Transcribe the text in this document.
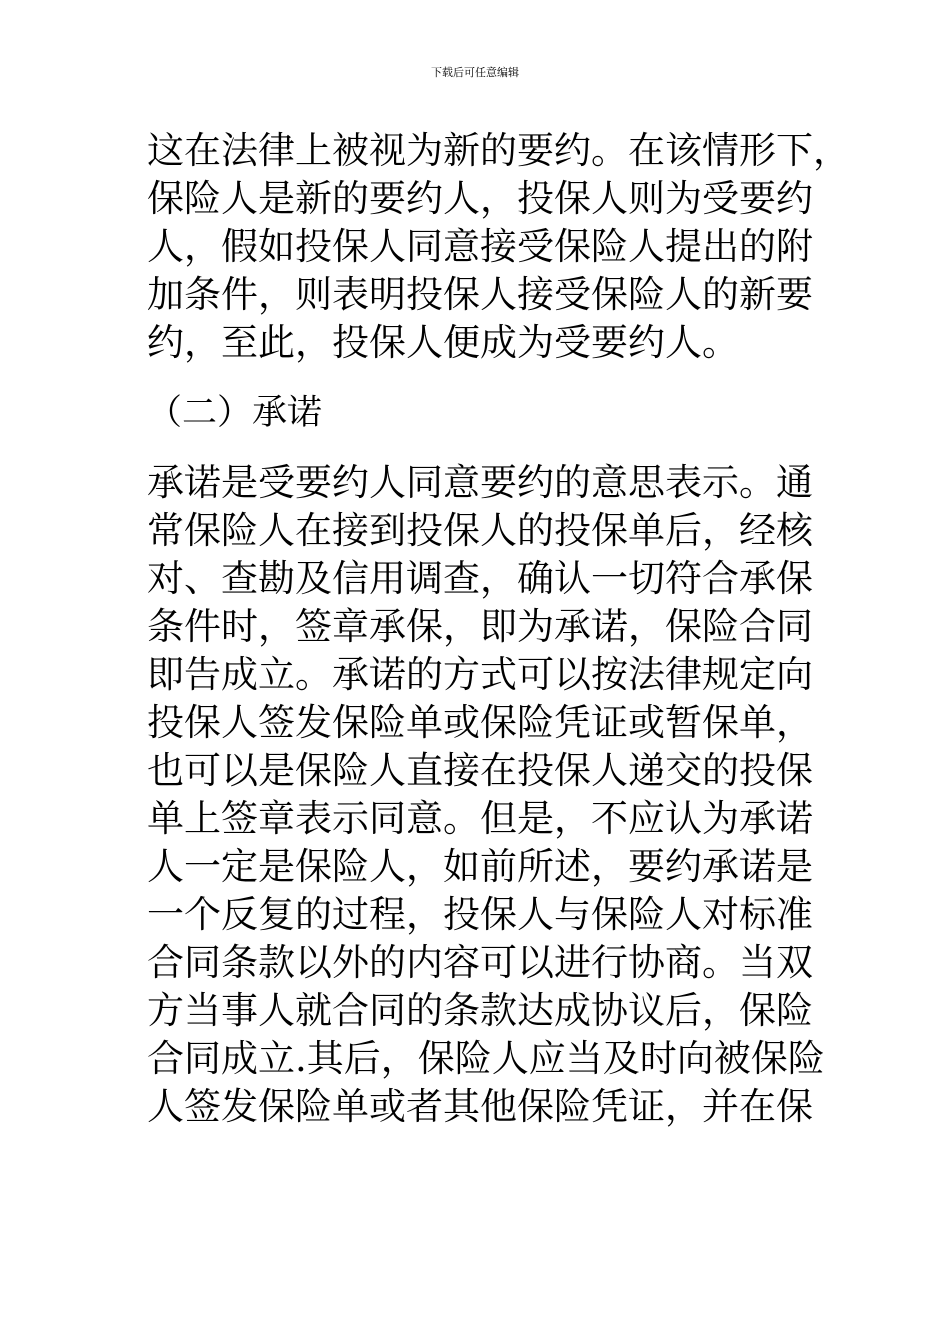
下载后可任意编辑
这在法律上被视为新的要约。在该情形下，
保险人是新的要约人，投保人则为受要约
人，假如投保人同意接受保险人提出的附
加条件，则表明投保人接受保险人的新要
约，至此，投保人便成为受要约人。
（二）承诺
承诺是受要约人同意要约的意思表示。通
常保险人在接到投保人的投保单后，经核
对、查勘及信用调查，确认一切符合承保
条件时，签章承保，即为承诺，保险合同
即告成立。承诺的方式可以按法律规定向
投保人签发保险单或保险凭证或暂保单，
也可以是保险人直接在投保人递交的投保
单上签章表示同意。但是，不应认为承诺
人一定是保险人，如前所述，要约承诺是
一个反复的过程，投保人与保险人对标准
合同条款以外的内容可以进行协商。当双
方当事人就合同的条款达成协议后，保险
合同成立.其后，保险人应当及时向被保险
人签发保险单或者其他保险凭证，并在保
